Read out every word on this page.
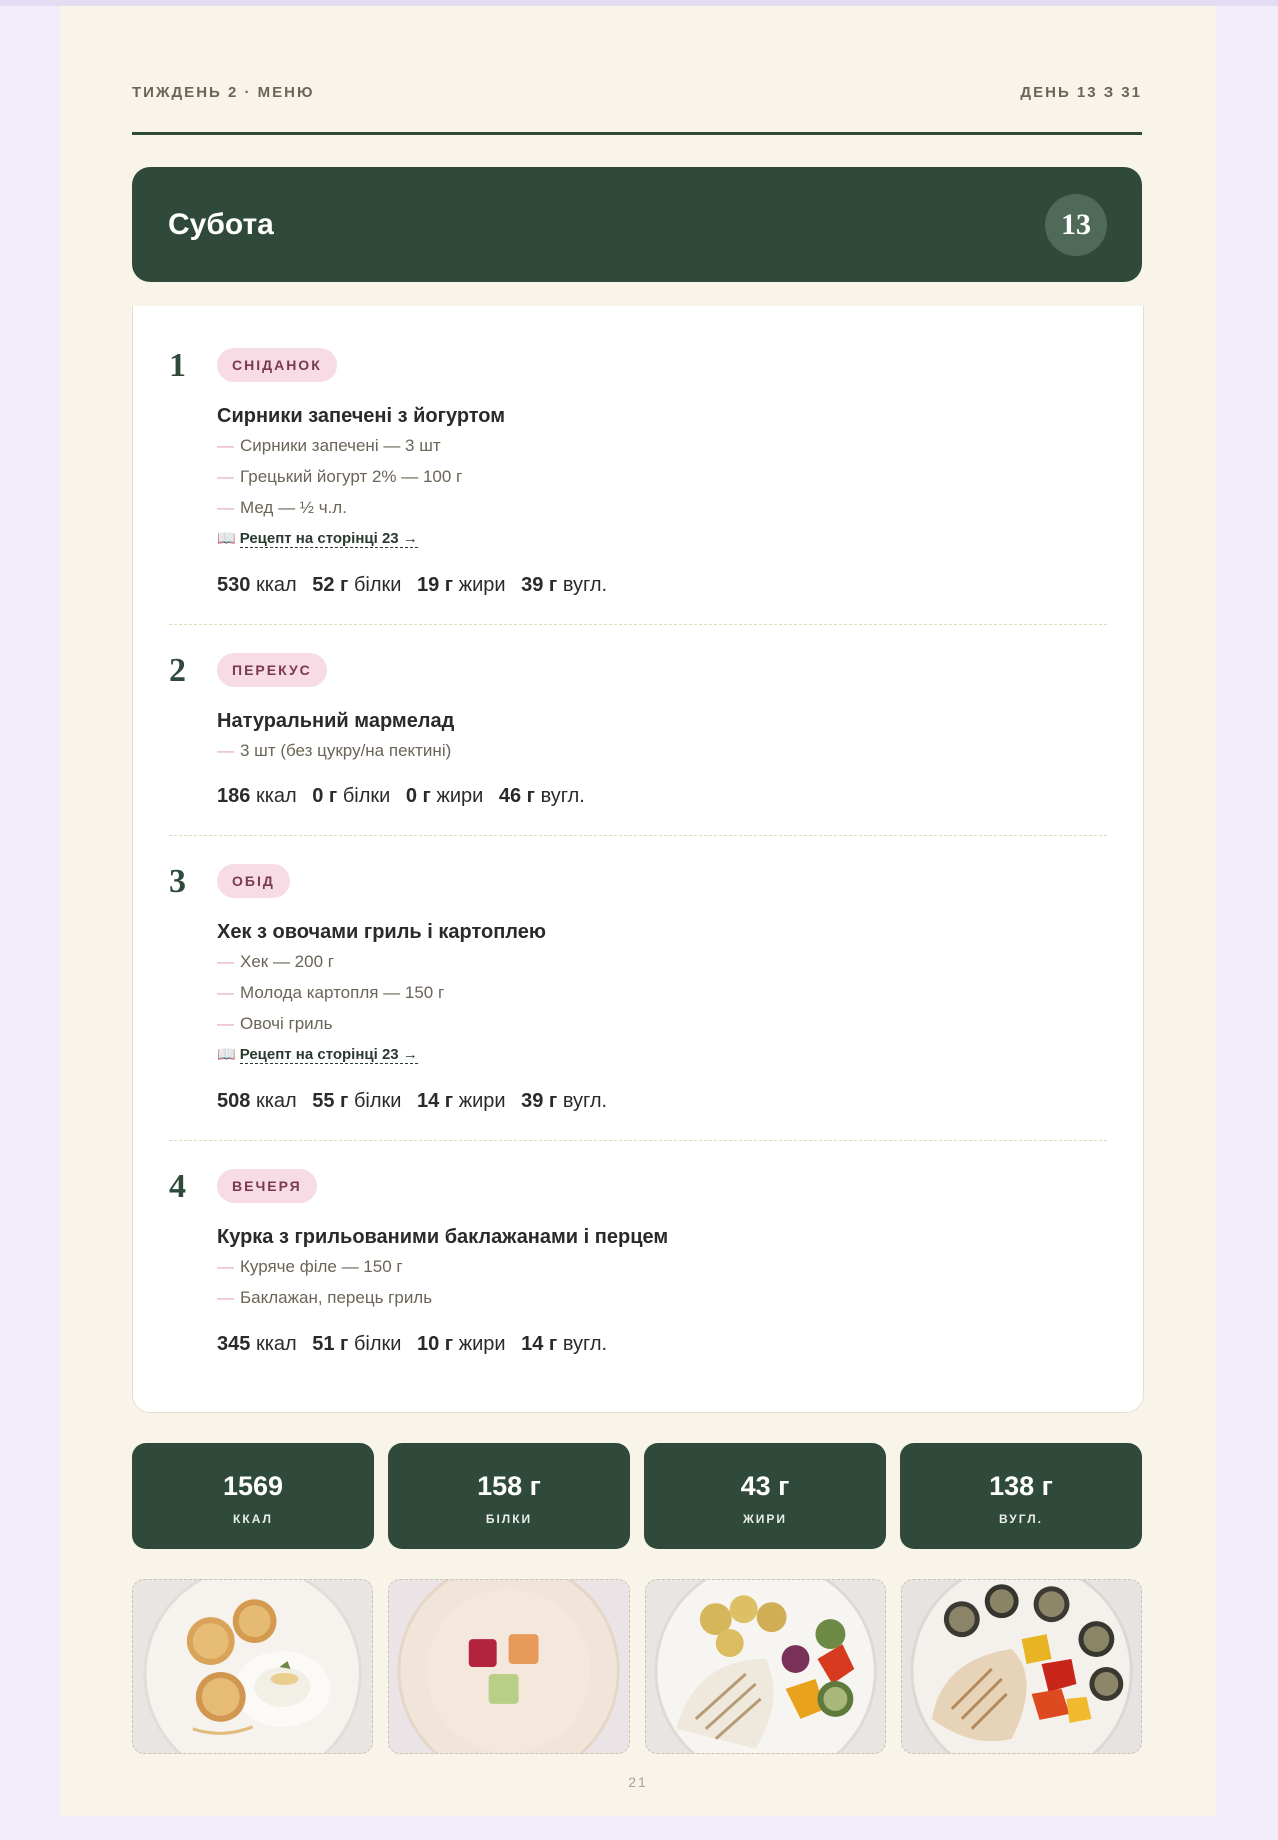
ТИЖДЕНЬ 2 · МЕНЮ	ДЕНЬ 13 З 31
Субота	13
1	СНІДАНОК
Сирники запечені з йогуртом
— Сирники запечені — 3 шт
— Грецький йогурт 2% — 100 г
— Мед — ½ ч.л.
📖 Рецепт на сторінці 23 →
530 ккал 52 г білки 19 г жири 39 г вугл.
2	ПЕРЕКУС
Натуральний мармелад
— 3 шт (без цукру/на пектині)
186 ккал 0 г білки 0 г жири 46 г вугл.
3	ОБІД
Хек з овочами гриль і картоплею
— Хек — 200 г
— Молода картопля — 150 г
— Овочі гриль
📖 Рецепт на сторінці 23 →
508 ккал 55 г білки 14 г жири 39 г вугл.
4	ВЕЧЕРЯ
Курка з грильованими баклажанами і перцем
— Куряче філе — 150 г
— Баклажан, перець гриль
345 ккал 51 г білки 10 г жири 14 г вугл.
1569
ККАЛ
158 г
БІЛКИ
43 г
ЖИРИ
138 г
ВУГЛ.
21
